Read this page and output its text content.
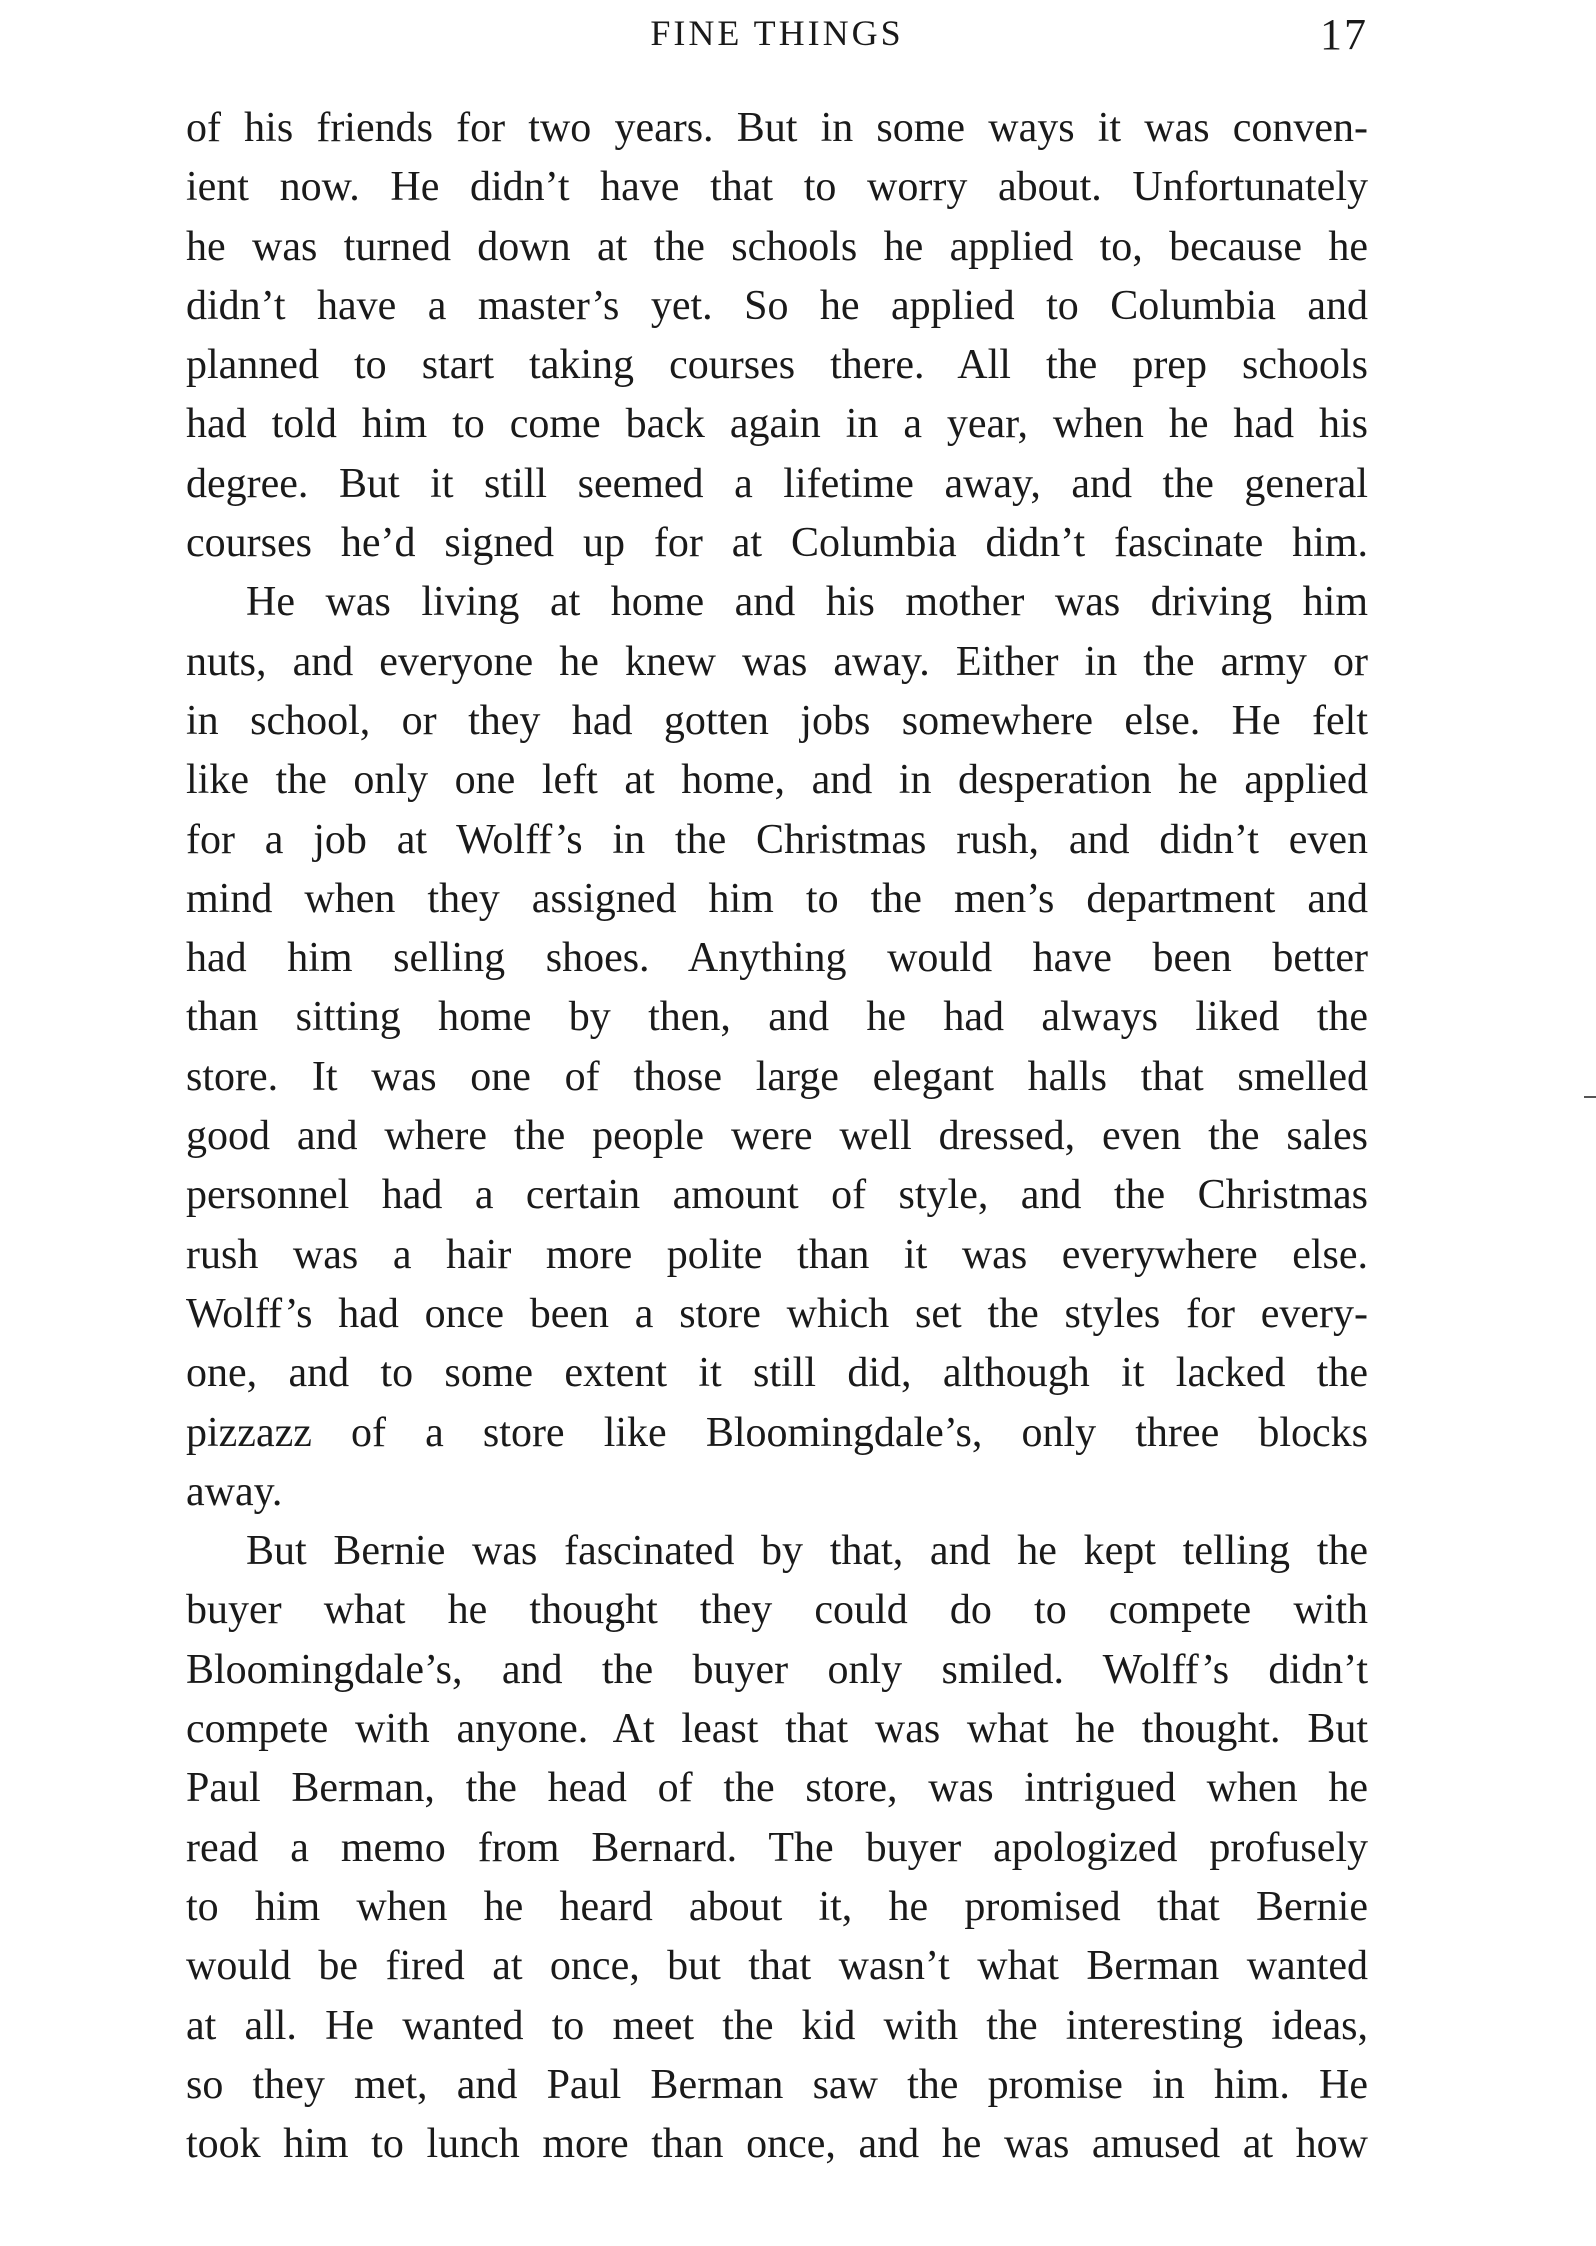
FINE THINGS	17

of his friends for two years. But in some ways it was conven-
ient now. He didn’t have that to worry about. Unfortunately
he was turned down at the schools he applied to, because he
didn’t have a master’s yet. So he applied to Columbia and
planned to start taking courses there. All the prep schools
had told him to come back again in a year, when he had his
degree. But it still seemed a lifetime away, and the general
courses he’d signed up for at Columbia didn’t fascinate him.

He was living at home and his mother was driving him
nuts, and everyone he knew was away. Either in the army or
in school, or they had gotten jobs somewhere else. He felt
like the only one left at home, and in desperation he applied
for a job at Wolff’s in the Christmas rush, and didn’t even
mind when they assigned him to the men’s department and
had him selling shoes. Anything would have been better
than sitting home by then, and he had always liked the
store. It was one of those large elegant halls that smelled
good and where the people were well dressed, even the sales
personnel had a certain amount of style, and the Christmas
rush was a hair more polite than it was everywhere else.
Wolff’s had once been a store which set the styles for every-
one, and to some extent it still did, although it lacked the
pizzazz of a store like Bloomingdale’s, only three blocks
away.

But Bernie was fascinated by that, and he kept telling the
buyer what he thought they could do to compete with
Bloomingdale’s, and the buyer only smiled. Wolff’s didn’t
compete with anyone. At least that was what he thought. But
Paul Berman, the head of the store, was intrigued when he
read a memo from Bernard. The buyer apologized profusely
to him when he heard about it, he promised that Bernie
would be fired at once, but that wasn’t what Berman wanted
at all. He wanted to meet the kid with the interesting ideas,
so they met, and Paul Berman saw the promise in him. He
took him to lunch more than once, and he was amused at how
